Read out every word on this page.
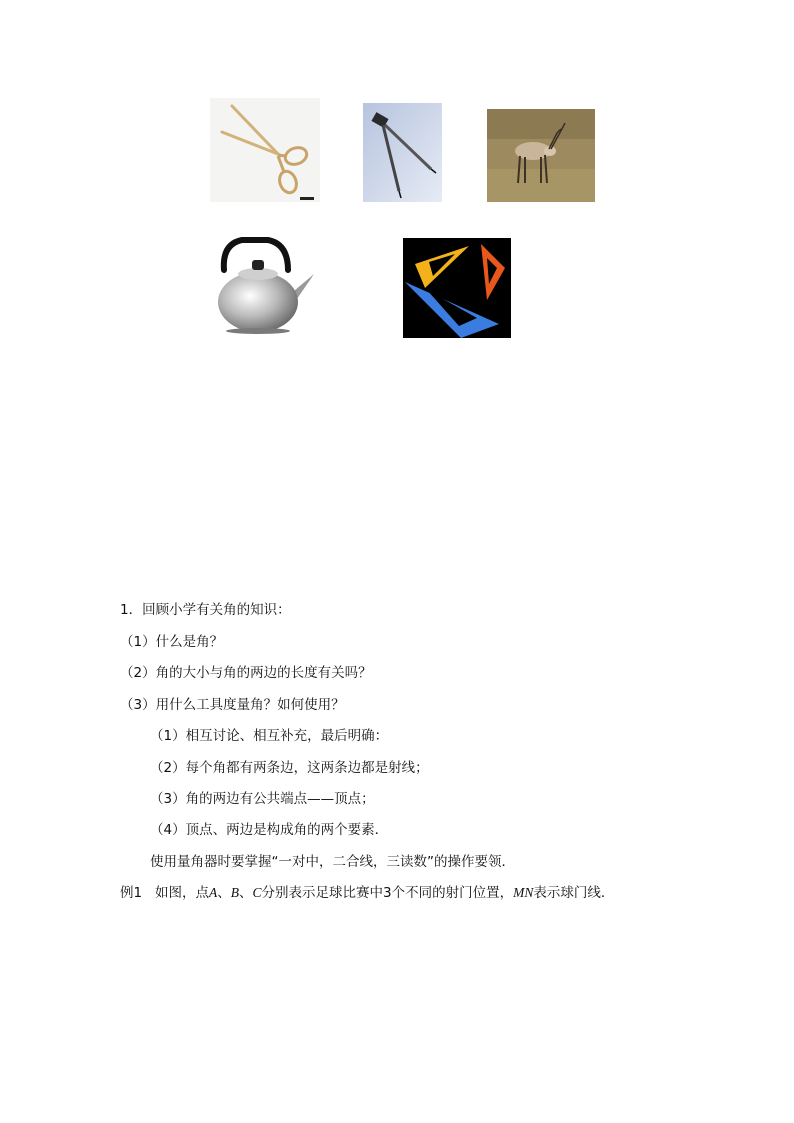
1．回顾小学有关角的知识：
（1）什么是角？
（2）角的大小与角的两边的长度有关吗？
（3）用什么工具度量角？如何使用？
（1）相互讨论、相互补充，最后明确：
（2）每个角都有两条边，这两条边都是射线；
（3）角的两边有公共端点——顶点；
（4）顶点、两边是构成角的两个要素．
使用量角器时要掌握“一对中，二合线，三读数”的操作要领．
例1 如图，点A、B、C分别表示足球比赛中3个不同的射门位置，MN表示球门线．
